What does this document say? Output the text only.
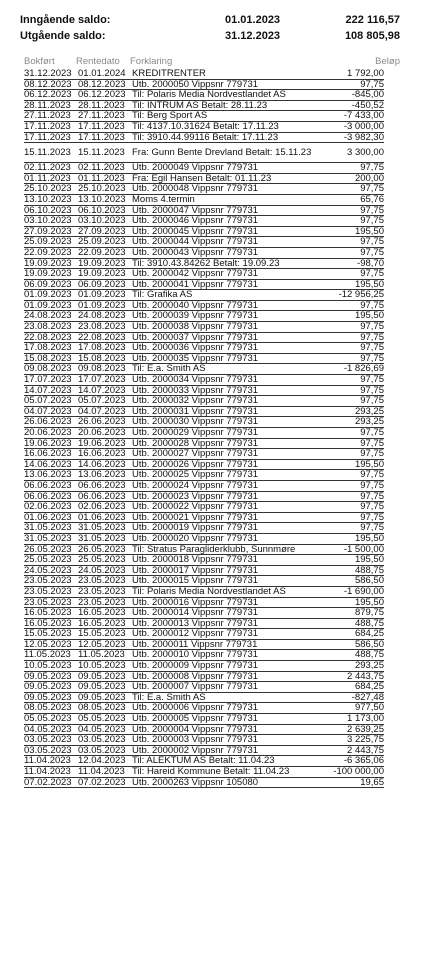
Inngående saldo:	01.01.2023	222 116,57
Utgående saldo:	31.12.2023	108 805,98
Bokført	Rentedato	Forklaring	Beløp
31.12.2023 01.01.2024 KREDITRENTER	1 792,00
08.12.2023 08.12.2023 Utb. 2000050 Vippsnr 779731	97,75
06.12.2023 06.12.2023 Til: Polaris Media Nordvestlandet AS	-845,00
28.11.2023 28.11.2023 Til: INTRUM AS Betalt: 28.11.23	-450,52
27.11.2023 27.11.2023 Til: Berg Sport AS	-7 433,00
17.11.2023 17.11.2023 Til: 4137.10.31624 Betalt: 17.11.23	-3 000,00
17.11.2023 17.11.2023 Til: 3910.44.99116 Betalt: 17.11.23	-3 982,30
15.11.2023 15.11.2023 Fra: Gunn Bente Drevland Betalt: 15.11.23	3 300,00
02.11.2023 02.11.2023 Utb. 2000049 Vippsnr 779731	97,75
01.11.2023 01.11.2023 Fra: Egil Hansen Betalt: 01.11.23	200,00
25.10.2023 25.10.2023 Utb. 2000048 Vippsnr 779731	97,75
13.10.2023 13.10.2023 Moms 4.termin	65,76
06.10.2023 06.10.2023 Utb. 2000047 Vippsnr 779731	97,75
03.10.2023 03.10.2023 Utb. 2000046 Vippsnr 779731	97,75
27.09.2023 27.09.2023 Utb. 2000045 Vippsnr 779731	195,50
25.09.2023 25.09.2023 Utb. 2000044 Vippsnr 779731	97,75
22.09.2023 22.09.2023 Utb. 2000043 Vippsnr 779731	97,75
19.09.2023 19.09.2023 Til: 3910.43.84262 Betalt: 19.09.23	-98,70
19.09.2023 19.09.2023 Utb. 2000042 Vippsnr 779731	97,75
06.09.2023 06.09.2023 Utb. 2000041 Vippsnr 779731	195,50
01.09.2023 01.09.2023 Til: Grafika AS	-12 956,25
01.09.2023 01.09.2023 Utb. 2000040 Vippsnr 779731	97,75
24.08.2023 24.08.2023 Utb. 2000039 Vippsnr 779731	195,50
23.08.2023 23.08.2023 Utb. 2000038 Vippsnr 779731	97,75
22.08.2023 22.08.2023 Utb. 2000037 Vippsnr 779731	97,75
17.08.2023 17.08.2023 Utb. 2000036 Vippsnr 779731	97,75
15.08.2023 15.08.2023 Utb. 2000035 Vippsnr 779731	97,75
09.08.2023 09.08.2023 Til: E.a. Smith AS	-1 826,69
17.07.2023 17.07.2023 Utb. 2000034 Vippsnr 779731	97,75
14.07.2023 14.07.2023 Utb. 2000033 Vippsnr 779731	97,75
05.07.2023 05.07.2023 Utb. 2000032 Vippsnr 779731	97,75
04.07.2023 04.07.2023 Utb. 2000031 Vippsnr 779731	293,25
26.06.2023 26.06.2023 Utb. 2000030 Vippsnr 779731	293,25
20.06.2023 20.06.2023 Utb. 2000029 Vippsnr 779731	97,75
19.06.2023 19.06.2023 Utb. 2000028 Vippsnr 779731	97,75
16.06.2023 16.06.2023 Utb. 2000027 Vippsnr 779731	97,75
14.06.2023 14.06.2023 Utb. 2000026 Vippsnr 779731	195,50
13.06.2023 13.06.2023 Utb. 2000025 Vippsnr 779731	97,75
06.06.2023 06.06.2023 Utb. 2000024 Vippsnr 779731	97,75
06.06.2023 06.06.2023 Utb. 2000023 Vippsnr 779731	97,75
02.06.2023 02.06.2023 Utb. 2000022 Vippsnr 779731	97,75
01.06.2023 01.06.2023 Utb. 2000021 Vippsnr 779731	97,75
31.05.2023 31.05.2023 Utb. 2000019 Vippsnr 779731	97,75
31.05.2023 31.05.2023 Utb. 2000020 Vippsnr 779731	195,50
26.05.2023 26.05.2023 Til: Stratus Paragliderklubb, Sunnmøre	-1 500,00
25.05.2023 25.05.2023 Utb. 2000018 Vippsnr 779731	195,50
24.05.2023 24.05.2023 Utb. 2000017 Vippsnr 779731	488,75
23.05.2023 23.05.2023 Utb. 2000015 Vippsnr 779731	586,50
23.05.2023 23.05.2023 Til: Polaris Media Nordvestlandet AS	-1 690,00
23.05.2023 23.05.2023 Utb. 2000016 Vippsnr 779731	195,50
16.05.2023 16.05.2023 Utb. 2000014 Vippsnr 779731	879,75
16.05.2023 16.05.2023 Utb. 2000013 Vippsnr 779731	488,75
15.05.2023 15.05.2023 Utb. 2000012 Vippsnr 779731	684,25
12.05.2023 12.05.2023 Utb. 2000011 Vippsnr 779731	586,50
11.05.2023 11.05.2023 Utb. 2000010 Vippsnr 779731	488,75
10.05.2023 10.05.2023 Utb. 2000009 Vippsnr 779731	293,25
09.05.2023 09.05.2023 Utb. 2000008 Vippsnr 779731	2 443,75
09.05.2023 09.05.2023 Utb. 2000007 Vippsnr 779731	684,25
09.05.2023 09.05.2023 Til: E.a. Smith AS	-827,48
08.05.2023 08.05.2023 Utb. 2000006 Vippsnr 779731	977,50
05.05.2023 05.05.2023 Utb. 2000005 Vippsnr 779731	1 173,00
04.05.2023 04.05.2023 Utb. 2000004 Vippsnr 779731	2 639,25
03.05.2023 03.05.2023 Utb. 2000003 Vippsnr 779731	3 225,75
03.05.2023 03.05.2023 Utb. 2000002 Vippsnr 779731	2 443,75
11.04.2023 12.04.2023 Til: ALEKTUM AS Betalt: 11.04.23	-6 365,06
11.04.2023 11.04.2023 Til: Hareid Kommune Betalt: 11.04.23	-100 000,00
07.02.2023 07.02.2023 Utb. 2000263 Vippsnr 105080	19,65
